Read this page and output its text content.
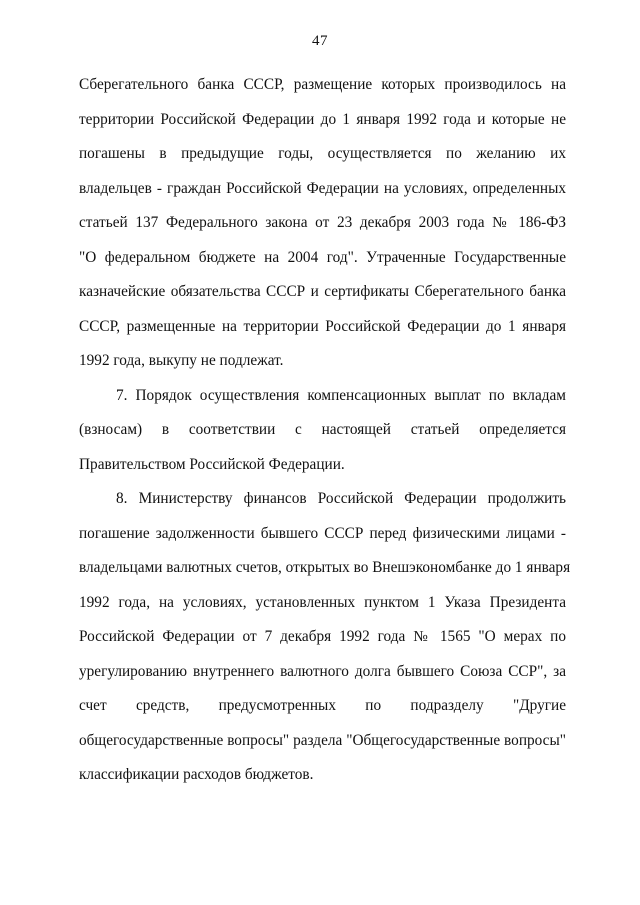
47
Сберегательного банка СССР, размещение которых производилось на
территории Российской Федерации до 1 января 1992 года и которые не
погашены в предыдущие годы, осуществляется по желанию их
владельцев - граждан Российской Федерации на условиях, определенных
статьей 137 Федерального закона от 23 декабря 2003 года № 186-ФЗ
"О федеральном бюджете на 2004 год". Утраченные Государственные
казначейские обязательства СССР и сертификаты Сберегательного банка
СССР, размещенные на территории Российской Федерации до 1 января
1992 года, выкупу не подлежат.
7. Порядок осуществления компенсационных выплат по вкладам
(взносам) в соответствии с настоящей статьей определяется
Правительством Российской Федерации.
8. Министерству финансов Российской Федерации продолжить
погашение задолженности бывшего СССР перед физическими лицами -
владельцами валютных счетов, открытых во Внешэкономбанке до 1 января
1992 года, на условиях, установленных пунктом 1 Указа Президента
Российской Федерации от 7 декабря 1992 года № 1565 "О мерах по
урегулированию внутреннего валютного долга бывшего Союза ССР", за
счет средств, предусмотренных по подразделу "Другие
общегосударственные вопросы" раздела "Общегосударственные вопросы"
классификации расходов бюджетов.
